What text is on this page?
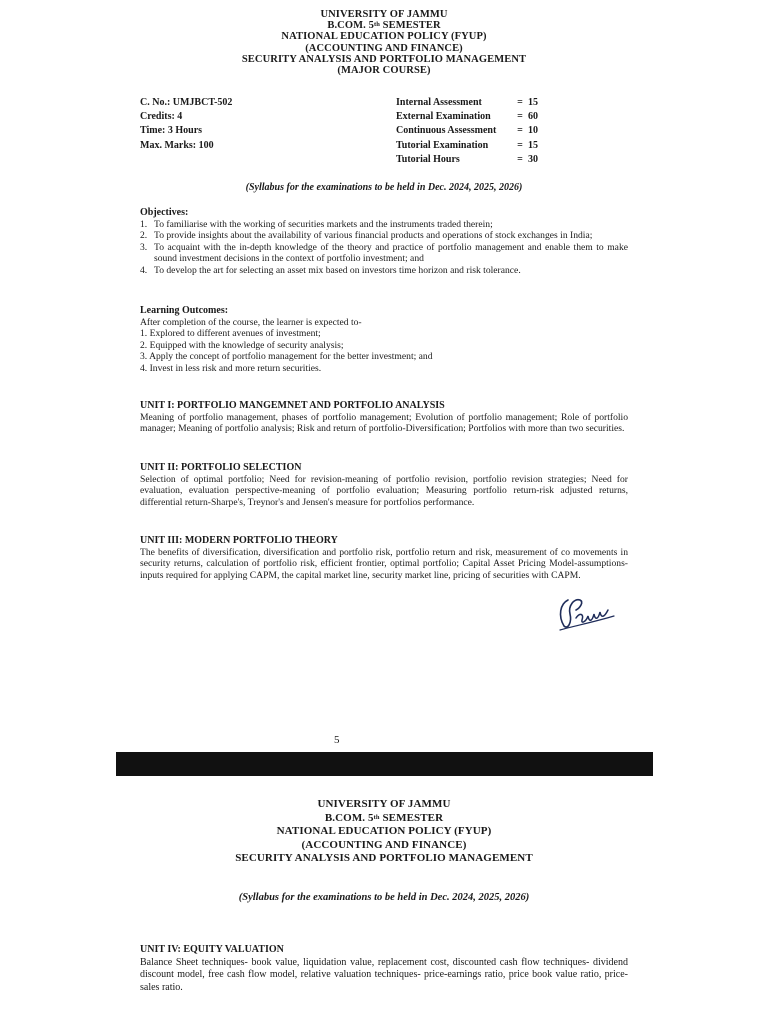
UNIVERSITY OF JAMMU
B.COM. 5th SEMESTER
NATIONAL EDUCATION POLICY (FYUP)
(ACCOUNTING AND FINANCE)
SECURITY ANALYSIS AND PORTFOLIO MANAGEMENT
(MAJOR COURSE)
C. No.: UMJBCT-502
Credits: 4
Time: 3 Hours
Max. Marks: 100
Internal Assessment	= 15
External Examination	= 60
Continuous Assessment	= 10
Tutorial Examination	= 15
Tutorial Hours	= 30
(Syllabus for the examinations to be held in Dec. 2024, 2025, 2026)
Objectives:
1. To familiarise with the working of securities markets and the instruments traded therein;
2. To provide insights about the availability of various financial products and operations of stock exchanges in India;
3. To acquaint with the in-depth knowledge of the theory and practice of portfolio management and enable them to make sound investment decisions in the context of portfolio investment; and
4. To develop the art for selecting an asset mix based on investors time horizon and risk tolerance.
Learning Outcomes:
After completion of the course, the learner is expected to-
1. Explored to different avenues of investment;
2. Equipped with the knowledge of security analysis;
3. Apply the concept of portfolio management for the better investment; and
4. Invest in less risk and more return securities.
UNIT I: PORTFOLIO MANGEMNET AND PORTFOLIO ANALYSIS
Meaning of portfolio management, phases of portfolio management; Evolution of portfolio management; Role of portfolio manager; Meaning of portfolio analysis; Risk and return of portfolio-Diversification; Portfolios with more than two securities.
UNIT II: PORTFOLIO SELECTION
Selection of optimal portfolio; Need for revision-meaning of portfolio revision, portfolio revision strategies; Need for evaluation, evaluation perspective-meaning of portfolio evaluation; Measuring portfolio return-risk adjusted returns, differential return-Sharpe's, Treynor's and Jensen's measure for portfolios performance.
UNIT III: MODERN PORTFOLIO THEORY
The benefits of diversification, diversification and portfolio risk, portfolio return and risk, measurement of co movements in security returns, calculation of portfolio risk, efficient frontier, optimal portfolio; Capital Asset Pricing Model-assumptions-inputs required for applying CAPM, the capital market line, security market line, pricing of securities with CAPM.
5
UNIVERSITY OF JAMMU
B.COM. 5th SEMESTER
NATIONAL EDUCATION POLICY (FYUP)
(ACCOUNTING AND FINANCE)
SECURITY ANALYSIS AND PORTFOLIO MANAGEMENT
(Syllabus for the examinations to be held in Dec. 2024, 2025, 2026)
UNIT IV: EQUITY VALUATION
Balance Sheet techniques- book value, liquidation value, replacement cost, discounted cash flow techniques- dividend discount model, free cash flow model, relative valuation techniques- price-earnings ratio, price book value ratio, price-sales ratio.
